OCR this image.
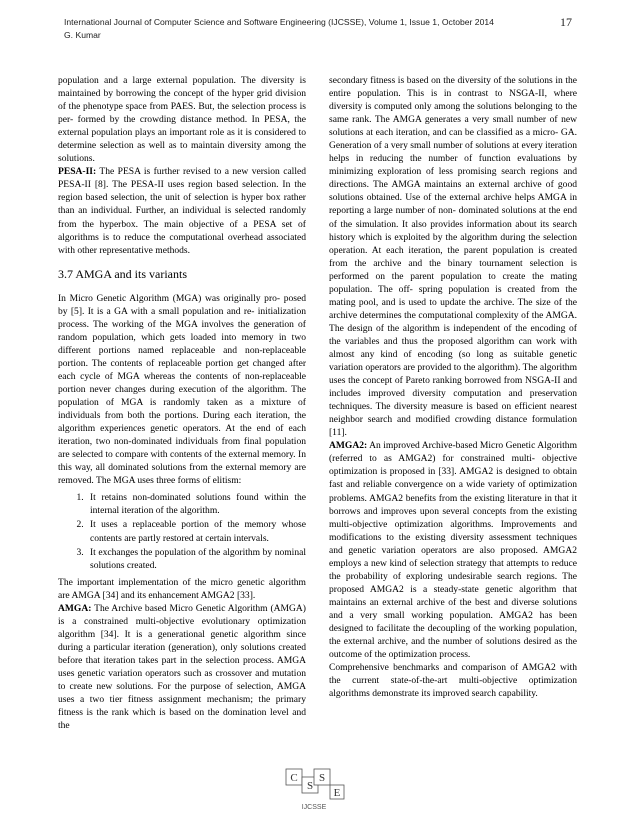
International Journal of Computer Science and Software Engineering (IJCSSE), Volume 1, Issue 1, October 2014
G. Kumar
17

population and a large external population. The diversity is maintained by borrowing the concept of the hyper grid division of the phenotype space from PAES. But, the selection process is per- formed by the crowding distance method. In PESA, the external population plays an important role as it is considered to determine selection as well as to maintain diversity among the solutions.

PESA-II: The PESA is further revised to a new version called PESA-II [8]. The PESA-II uses region based selection. In the region based selection, the unit of selection is hyper box rather than an individual. Further, an individual is selected randomly from the hyperbox. The main objective of a PESA set of algorithms is to reduce the computational overhead associated with other representative methods.

3.7 AMGA and its variants

In Micro Genetic Algorithm (MGA) was originally pro- posed by [5]. It is a GA with a small population and re- initialization process. The working of the MGA involves the generation of random population, which gets loaded into memory in two different portions named replaceable and non-replaceable portion. The contents of replaceable portion get changed after each cycle of MGA whereas the contents of non-replaceable portion never changes during execution of the algorithm. The population of MGA is randomly taken as a mixture of individuals from both the portions. During each iteration, the algorithm experiences genetic operators. At the end of each iteration, two non-dominated individuals from final population are selected to compare with contents of the external memory. In this way, all dominated solutions from the external memory are removed. The MGA uses three forms of elitism:

1. It retains non-dominated solutions found within the internal iteration of the algorithm.
2. It uses a replaceable portion of the memory whose contents are partly restored at certain intervals.
3. It exchanges the population of the algorithm by nominal solutions created.

The important implementation of the micro genetic algorithm are AMGA [34] and its enhancement AMGA2 [33].

AMGA: The Archive based Micro Genetic Algorithm (AMGA) is a constrained multi-objective evolutionary optimization algorithm [34]. It is a generational genetic algorithm since during a particular iteration (generation), only solutions created before that iteration takes part in the selection process. AMGA uses genetic variation operators such as crossover and mutation to create new solutions. For the purpose of selection, AMGA uses a two tier fitness assignment mechanism; the primary fitness is the rank which is based on the domination level and the

secondary fitness is based on the diversity of the solutions in the entire population. This is in contrast to NSGA-II, where diversity is computed only among the solutions belonging to the same rank. The AMGA generates a very small number of new solutions at each iteration, and can be classified as a micro- GA. Generation of a very small number of solutions at every iteration helps in reducing the number of function evaluations by minimizing exploration of less promising search regions and directions. The AMGA maintains an external archive of good solutions obtained. Use of the external archive helps AMGA in reporting a large number of non- dominated solutions at the end of the simulation. It also provides information about its search history which is exploited by the algorithm during the selection operation. At each iteration, the parent population is created from the archive and the binary tournament selection is performed on the parent population to create the mating population. The off- spring population is created from the mating pool, and is used to update the archive. The size of the archive determines the computational complexity of the AMGA. The design of the algorithm is independent of the encoding of the variables and thus the proposed algorithm can work with almost any kind of encoding (so long as suitable genetic variation operators are provided to the algorithm). The algorithm uses the concept of Pareto ranking borrowed from NSGA-II and includes improved diversity computation and preservation techniques. The diversity measure is based on efficient nearest neighbor search and modified crowding distance formulation [11].

AMGA2: An improved Archive-based Micro Genetic Algorithm (referred to as AMGA2) for constrained multi- objective optimization is proposed in [33]. AMGA2 is designed to obtain fast and reliable convergence on a wide variety of optimization problems. AMGA2 benefits from the existing literature in that it borrows and improves upon several concepts from the existing multi-objective optimization algorithms. Improvements and modifications to the existing diversity assessment techniques and genetic variation operators are also proposed. AMGA2 employs a new kind of selection strategy that attempts to reduce the probability of exploring undesirable search regions. The proposed AMGA2 is a steady-state genetic algorithm that maintains an external archive of the best and diverse solutions and a very small working population. AMGA2 has been designed to facilitate the decoupling of the working population, the external archive, and the number of solutions desired as the outcome of the optimization process.

Comprehensive benchmarks and comparison of AMGA2 with the current state-of-the-art multi-objective optimization algorithms demonstrate its improved search capability.

C
S
S
E
IJCSSE
